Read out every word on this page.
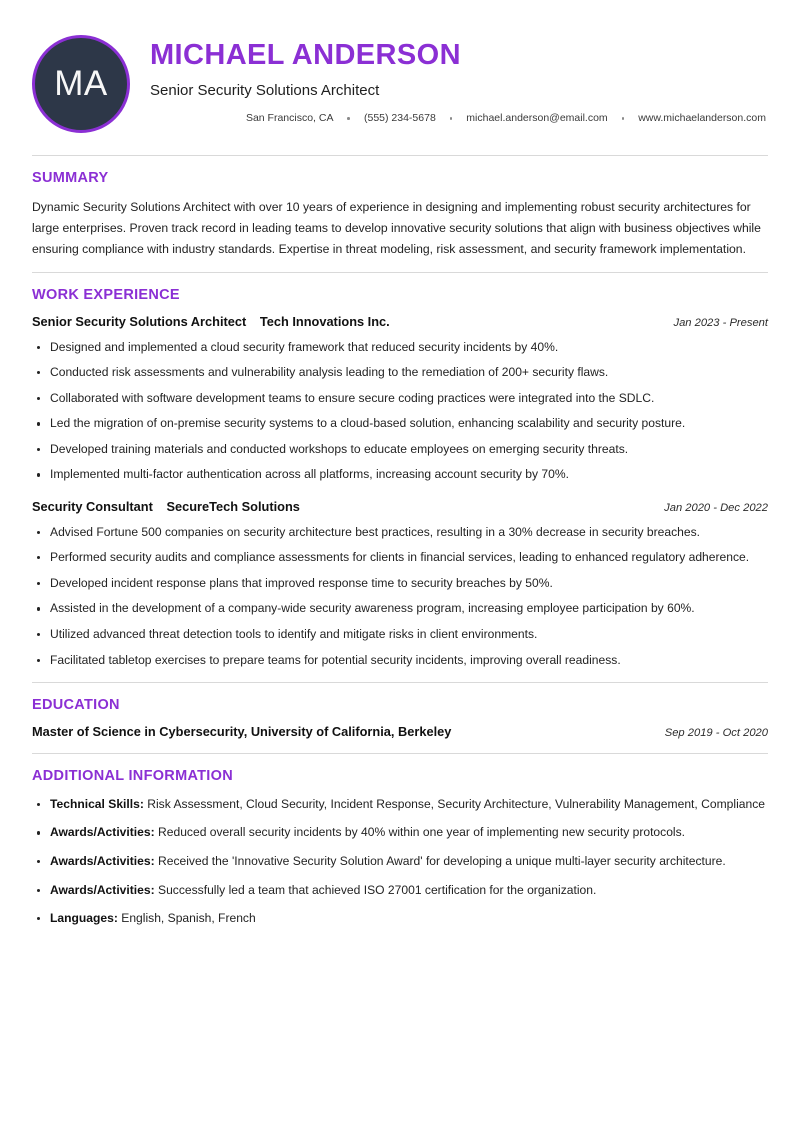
MA
MICHAEL ANDERSON
Senior Security Solutions Architect
San Francisco, CA	(555) 234-5678	michael.anderson@email.com	www.michaelanderson.com
SUMMARY

Dynamic Security Solutions Architect with over 10 years of experience in designing and implementing robust security architectures for large enterprises. Proven track record in leading teams to develop innovative security solutions that align with business objectives while ensuring compliance with industry standards. Expertise in threat modeling, risk assessment, and security framework implementation.

WORK EXPERIENCE
Senior Security Solutions Architect Tech Innovations Inc.	Jan 2023 - Present
Designed and implemented a cloud security framework that reduced security incidents by 40%.
Conducted risk assessments and vulnerability analysis leading to the remediation of 200+ security flaws.
Collaborated with software development teams to ensure secure coding practices were integrated into the SDLC.
Led the migration of on-premise security systems to a cloud-based solution, enhancing scalability and security posture.
Developed training materials and conducted workshops to educate employees on emerging security threats.
Implemented multi-factor authentication across all platforms, increasing account security by 70%.
Security Consultant SecureTech Solutions	Jan 2020 - Dec 2022
Advised Fortune 500 companies on security architecture best practices, resulting in a 30% decrease in security breaches.
Performed security audits and compliance assessments for clients in financial services, leading to enhanced regulatory adherence.
Developed incident response plans that improved response time to security breaches by 50%.
Assisted in the development of a company-wide security awareness program, increasing employee participation by 60%.
Utilized advanced threat detection tools to identify and mitigate risks in client environments.
Facilitated tabletop exercises to prepare teams for potential security incidents, improving overall readiness.
EDUCATION
Master of Science in Cybersecurity, University of California, Berkeley	Sep 2019 - Oct 2020
ADDITIONAL INFORMATION
Technical Skills: Risk Assessment, Cloud Security, Incident Response, Security Architecture, Vulnerability Management, Compliance
Awards/Activities: Reduced overall security incidents by 40% within one year of implementing new security protocols.
Awards/Activities: Received the 'Innovative Security Solution Award' for developing a unique multi-layer security architecture.
Awards/Activities: Successfully led a team that achieved ISO 27001 certification for the organization.
Languages: English, Spanish, French
